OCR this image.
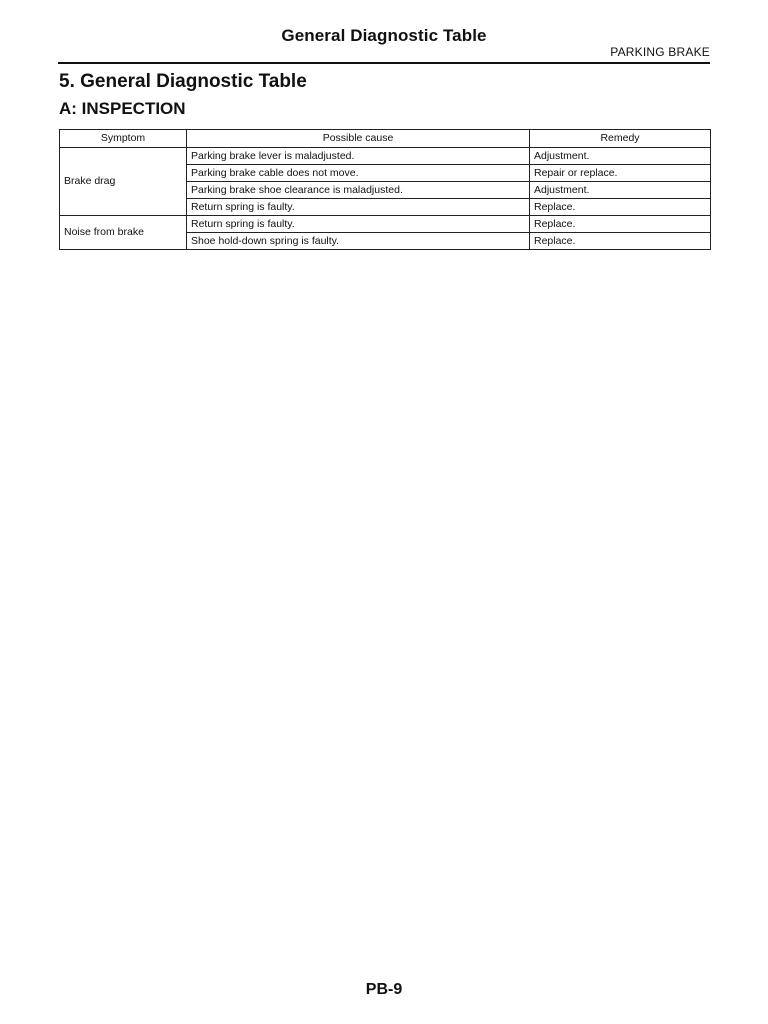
General Diagnostic Table
PARKING BRAKE
5. General Diagnostic Table
A: INSPECTION
Symptom	Possible cause	Remedy
Brake drag	Parking brake lever is maladjusted.	Adjustment.
	Parking brake cable does not move.	Repair or replace.
	Parking brake shoe clearance is maladjusted.	Adjustment.
	Return spring is faulty.	Replace.
Noise from brake	Return spring is faulty.	Replace.
	Shoe hold-down spring is faulty.	Replace.
PB-9
